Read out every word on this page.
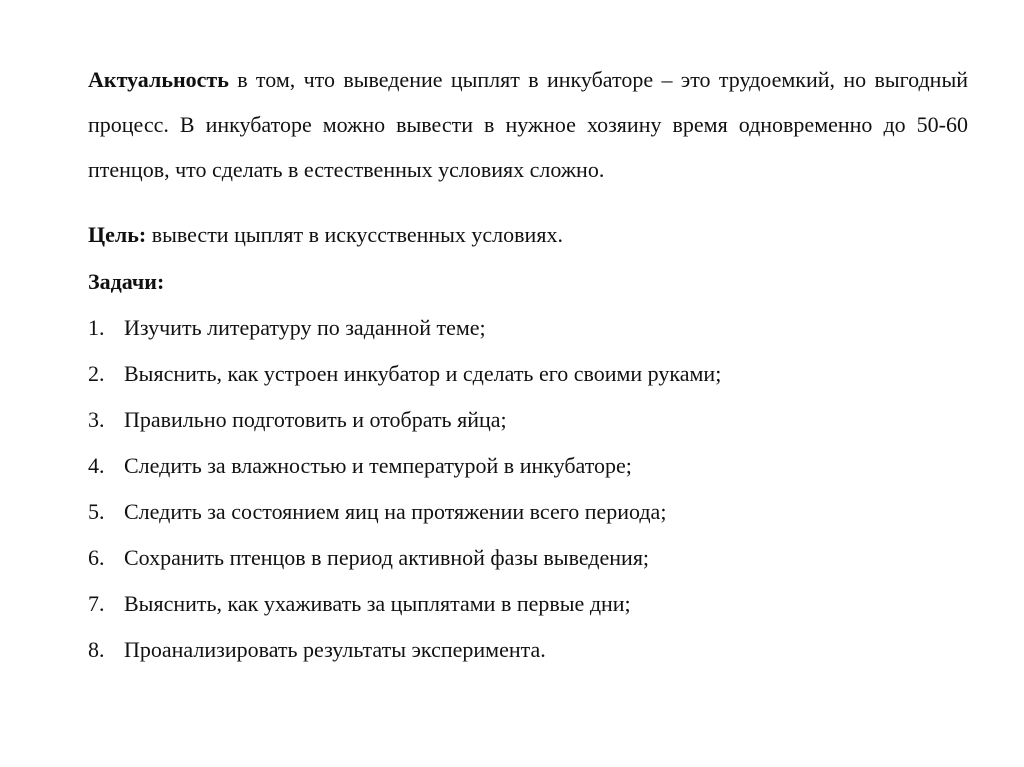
Актуальность в том, что выведение цыплят в инкубаторе – это трудоемкий, но выгодный процесс. В инкубаторе можно вывести в нужное хозяину время одновременно до 50-60 птенцов, что сделать в естественных условиях сложно.

Цель: вывести цыплят в искусственных условиях.

Задачи:

1. Изучить литературу по заданной теме;
2. Выяснить, как устроен инкубатор и сделать его своими руками;
3. Правильно подготовить и отобрать яйца;
4. Следить за влажностью и температурой в инкубаторе;
5. Следить за состоянием яиц на протяжении всего периода;
6. Сохранить птенцов в период активной фазы выведения;
7. Выяснить, как ухаживать за цыплятами в первые дни;
8. Проанализировать результаты эксперимента.
